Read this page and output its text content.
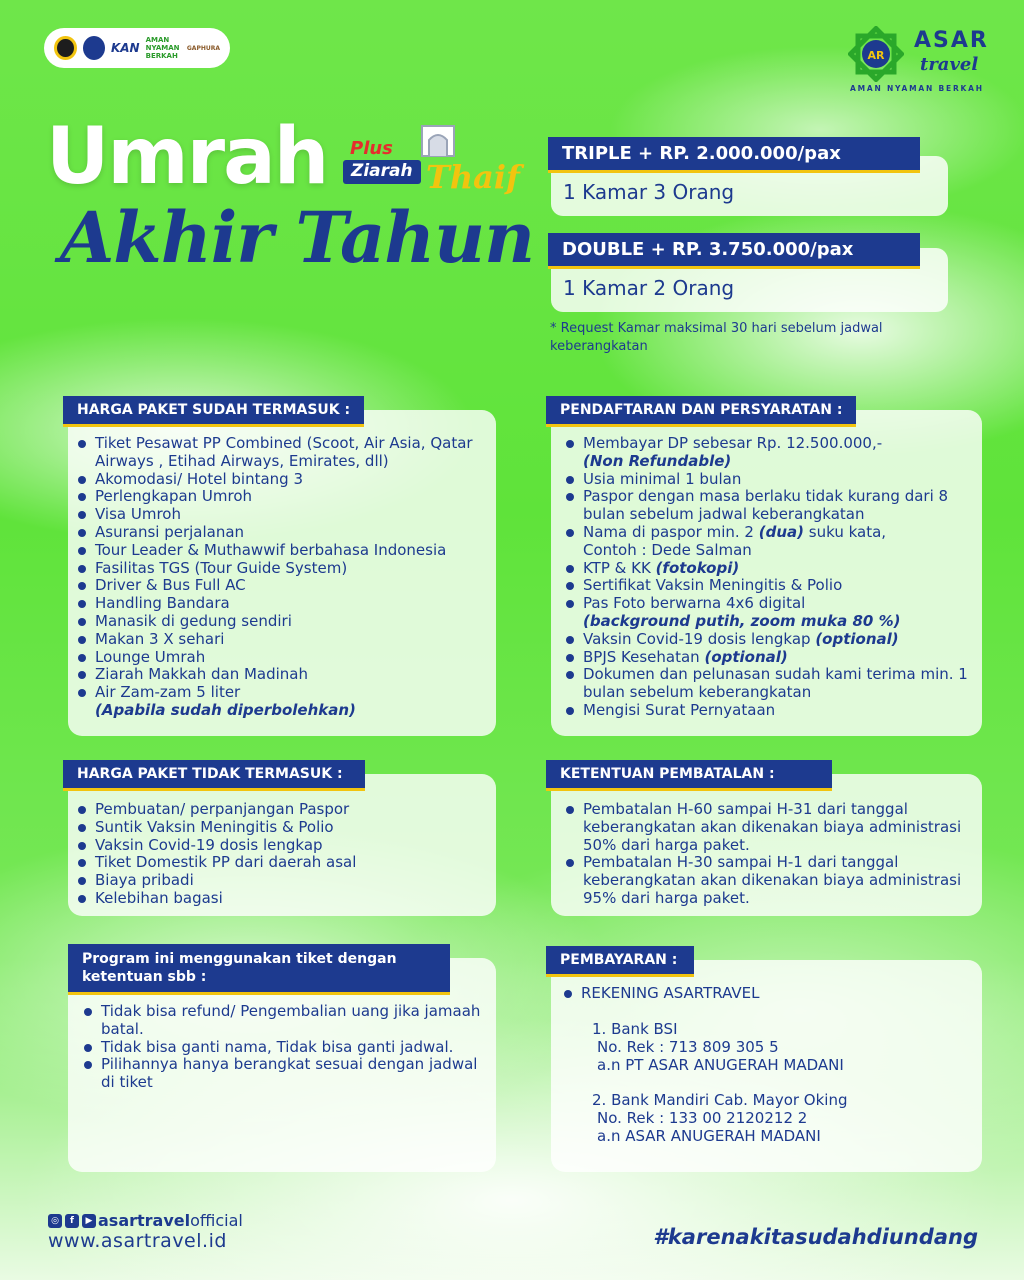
KAN
AMAN NYAMAN BERKAH
GAPHURA
AR
ASAR
travel
AMAN NYAMAN BERKAH
Umrah Plus
Ziarah Thaif
Akhir Tahun
TRIPLE + RP. 2.000.000/pax
1 Kamar 3 Orang
DOUBLE + RP. 3.750.000/pax
1 Kamar 2 Orang
* Request Kamar maksimal 30 hari sebelum jadwal keberangkatan
HARGA PAKET SUDAH TERMASUK :
Tiket Pesawat PP Combined (Scoot, Air Asia, Qatar Airways , Etihad Airways, Emirates, dll)
Akomodasi/ Hotel bintang 3
Perlengkapan Umroh
Visa Umroh
Asuransi perjalanan
Tour Leader & Muthawwif berbahasa Indonesia
Fasilitas TGS (Tour Guide System)
Driver & Bus Full AC
Handling Bandara
Manasik di gedung sendiri
Makan 3 X sehari
Lounge Umrah
Ziarah Makkah dan Madinah
Air Zam-zam 5 liter
(Apabila sudah diperbolehkan)
PENDAFTARAN DAN PERSYARATAN :
Membayar DP sebesar Rp. 12.500.000,-
(Non Refundable)
Usia minimal 1 bulan
Paspor dengan masa berlaku tidak kurang dari 8 bulan sebelum jadwal keberangkatan
Nama di paspor min. 2 (dua) suku kata,
Contoh : Dede Salman
KTP & KK (fotokopi)
Sertifikat Vaksin Meningitis & Polio
Pas Foto berwarna 4x6 digital
(background putih, zoom muka 80 %)
Vaksin Covid-19 dosis lengkap (optional)
BPJS Kesehatan (optional)
Dokumen dan pelunasan sudah kami terima min. 1 bulan sebelum keberangkatan
Mengisi Surat Pernyataan
HARGA PAKET TIDAK TERMASUK :
Pembuatan/ perpanjangan Paspor
Suntik Vaksin Meningitis & Polio
Vaksin Covid-19 dosis lengkap
Tiket Domestik PP dari daerah asal
Biaya pribadi
Kelebihan bagasi
KETENTUAN PEMBATALAN :
Pembatalan H-60 sampai H-31 dari tanggal keberangkatan akan dikenakan biaya administrasi 50% dari harga paket.
Pembatalan H-30 sampai H-1 dari tanggal keberangkatan akan dikenakan biaya administrasi 95% dari harga paket.
Program ini menggunakan tiket dengan ketentuan sbb :
Tidak bisa refund/ Pengembalian uang jika jamaah batal.
Tidak bisa ganti nama, Tidak bisa ganti jadwal.
Pilihannya hanya berangkat sesuai dengan jadwal di tiket
PEMBAYARAN :
REKENING ASARTRAVEL
1. Bank BSI
No. Rek : 713 809 305 5
a.n PT ASAR ANUGERAH MADANI
2. Bank Mandiri Cab. Mayor Oking
No. Rek : 133 00 2120212 2
a.n ASAR ANUGERAH MADANI
◎	f	▶ asartravelofficial
www.asartravel.id	#karenakitasudahdiundang
